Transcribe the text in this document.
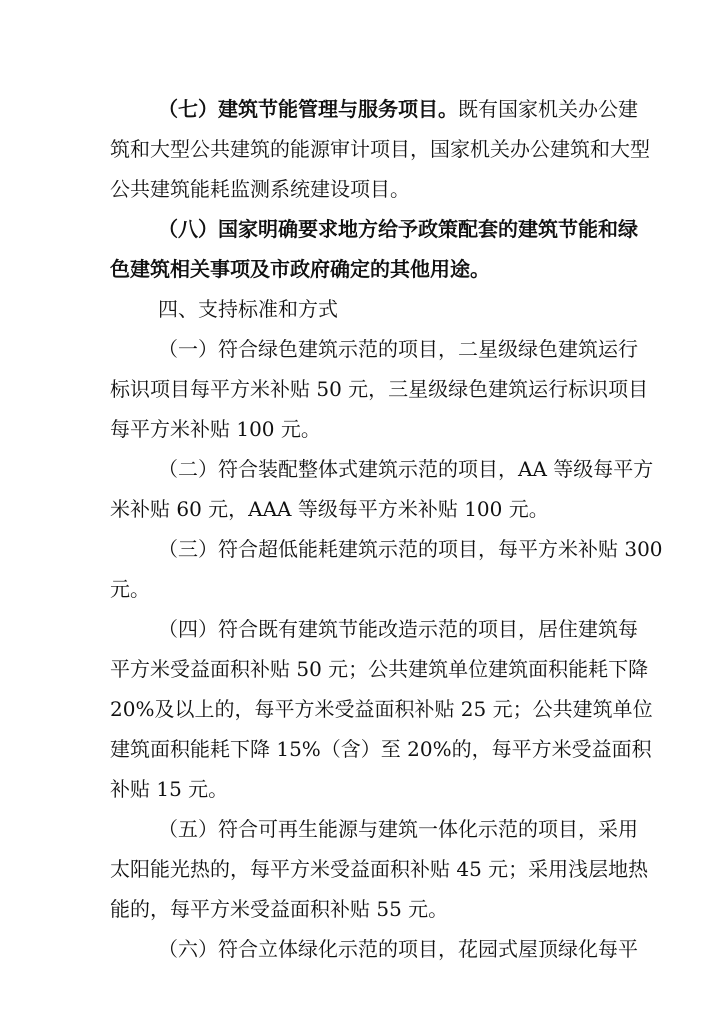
（七）建筑节能管理与服务项目。既有国家机关办公建
筑和大型公共建筑的能源审计项目，国家机关办公建筑和大型
公共建筑能耗监测系统建设项目。
（八）国家明确要求地方给予政策配套的建筑节能和绿
色建筑相关事项及市政府确定的其他用途。
四、支持标准和方式
（一）符合绿色建筑示范的项目，二星级绿色建筑运行
标识项目每平方米补贴 50 元，三星级绿色建筑运行标识项目
每平方米补贴 100 元。
（二）符合装配整体式建筑示范的项目，AA 等级每平方
米补贴 60 元，AAA 等级每平方米补贴 100 元。
（三）符合超低能耗建筑示范的项目，每平方米补贴 300
元。
（四）符合既有建筑节能改造示范的项目，居住建筑每
平方米受益面积补贴 50 元；公共建筑单位建筑面积能耗下降
20%及以上的，每平方米受益面积补贴 25 元；公共建筑单位
建筑面积能耗下降 15%（含）至 20%的，每平方米受益面积
补贴 15 元。
（五）符合可再生能源与建筑一体化示范的项目，采用
太阳能光热的，每平方米受益面积补贴 45 元；采用浅层地热
能的，每平方米受益面积补贴 55 元。
（六）符合立体绿化示范的项目，花园式屋顶绿化每平
